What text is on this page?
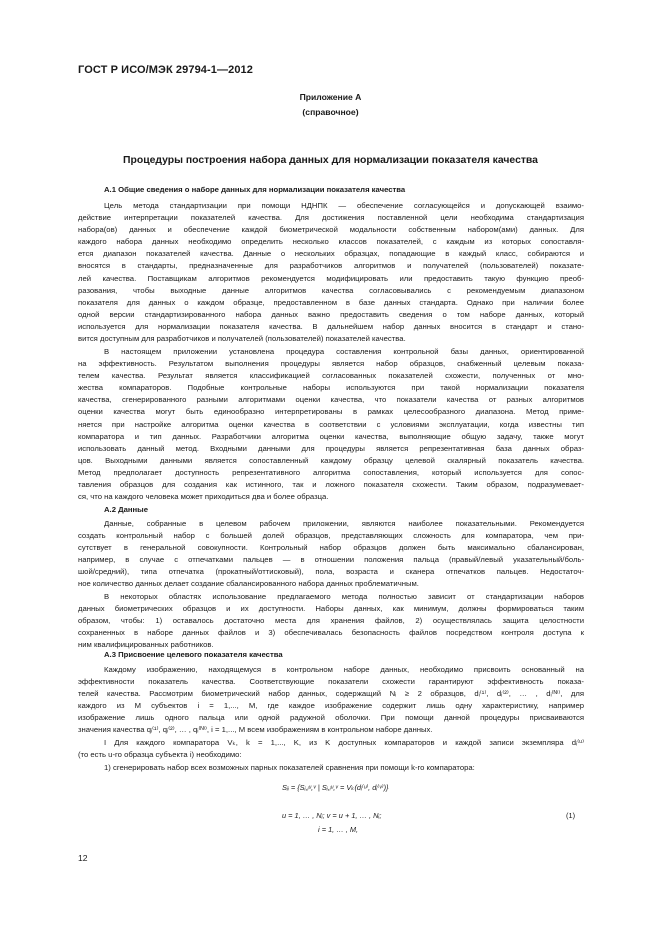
ГОСТ Р ИСО/МЭК 29794-1—2012
Приложение А
(справочное)
Процедуры построения набора данных для нормализации показателя качества
А.1 Общие сведения о наборе данных для нормализации показателя качества
Цель метода стандартизации при помощи НДНПК — обеспечение согласующейся и допускающей взаимо-
действие интерпретации показателей качества. Для достижения поставленной цели необходима стандартизация
набора(ов) данных и обеспечение каждой биометрической модальности собственным набором(ами) данных. Для
каждого набора данных необходимо определить несколько классов показателей, с каждым из которых сопоставля-
ется диапазон показателей качества. Данные о нескольких образцах, попадающие в каждый класс, собираются и
вносятся в стандарты, предназначенные для разработчиков алгоритмов и получателей (пользователей) показате-
лей качества. Поставщикам алгоритмов рекомендуется модифицировать или предоставить такую функцию преоб-
разования, чтобы выходные данные алгоритмов качества согласовывались с рекомендуемым диапазоном
показателя для данных о каждом образце, предоставленном в базе данных стандарта. Однако при наличии более
одной версии стандартизированного набора данных важно предоставить сведения о том наборе данных, который
используется для нормализации показателя качества. В дальнейшем набор данных вносится в стандарт и стано-
вится доступным для разработчиков и получателей (пользователей) показателей качества.
В настоящем приложении установлена процедура составления контрольной базы данных, ориентированной
на эффективность. Результатом выполнения процедуры является набор образцов, снабженный целевым показа-
телем качества. Результат является классификацией согласованных показателей схожести, полученных от мно-
жества компараторов. Подобные контрольные наборы используются при такой нормализации показателя
качества, сгенерированного разными алгоритмами оценки качества, что показатели качества от разных алгоритмов
оценки качества могут быть единообразно интерпретированы в рамках целесообразного диапазона. Метод приме-
няется при настройке алгоритма оценки качества в соответствии с условиями эксплуатации, когда известны тип
компаратора и тип данных. Разработчики алгоритма оценки качества, выполняющие общую задачу, также могут
использовать данный метод. Входными данными для процедуры является репрезентативная база данных образ-
цов. Выходными данными является сопоставленный каждому образцу целевой скалярный показатель качества.
Метод предполагает доступность репрезентативного алгоритма сопоставления, который используется для сопос-
тавления образцов для создания как истинного, так и ложного показателя схожести. Таким образом, подразумевает-
ся, что на каждого человека может приходиться два и более образца.
А.2 Данные
Данные, собранные в целевом рабочем приложении, являются наиболее показательными. Рекомендуется
создать контрольный набор с большей долей образцов, представляющих сложность для компаратора, чем при-
сутствует в генеральной совокупности. Контрольный набор образцов должен быть максимально сбалансирован,
например, в случае с отпечатками пальцев — в отношении положения пальца (правый/левый указательный/боль-
шой/средний), типа отпечатка (прокатный/оттисковый), пола, возраста и сканера отпечатков пальцев. Недостаточ-
ное количество данных делает создание сбалансированного набора данных проблематичным.
В некоторых областях использование предлагаемого метода полностью зависит от стандартизации наборов
данных биометрических образцов и их доступности. Наборы данных, как минимум, должны формироваться таким
образом, чтобы: 1) оставалось достаточно места для хранения файлов, 2) осуществлялась защита целостности
сохраненных в наборе данных файлов и 3) обеспечивалась безопасность файлов посредством контроля доступа к
ним квалифицированных работников.
А.3 Присвоение целевого показателя качества
Каждому изображению, находящемуся в контрольном наборе данных, необходимо присвоить основанный на
эффективности показатель качества. Соответствующие показатели схожести гарантируют эффективность показа-
телей качества. Рассмотрим биометрический набор данных, содержащий Nᵢ ≥ 2 образцов, dᵢ⁽¹⁾, dᵢ⁽²⁾, … , dᵢ⁽ᴺⁱ⁾, для
каждого из M субъектов i = 1,..., M, где каждое изображение содержит лишь одну характеристику, например
изображение лишь одного пальца или одной радужной оболочки. При помощи данной процедуры присваиваются
значения качества qᵢ⁽¹⁾, qᵢ⁽²⁾, … , qᵢ⁽ᴺⁱ⁾, i = 1,..., M всем изображениям в контрольном наборе данных.
I Для каждого компаратора Vₖ, k = 1,..., K, из K доступных компараторов и каждой записи экземпляра dᵢ⁽ᵘ⁾
(то есть u-го образца субъекта i) необходимо:
1) сгенерировать набор всех возможных парных показателей сравнения при помощи k-го компаратора:
Sᵢᵢ = {Sᵢ,ᵢᵘ,ᵛ | Sᵢ,ᵢᵘ,ᵛ = Vₖ(dᵢ⁽ᵘ⁾, dᵢ⁽ᵛ⁾)}
u = 1, … , Nᵢ; v = u + 1, … , Nᵢ;	(1)
i = 1, … , M,
12
